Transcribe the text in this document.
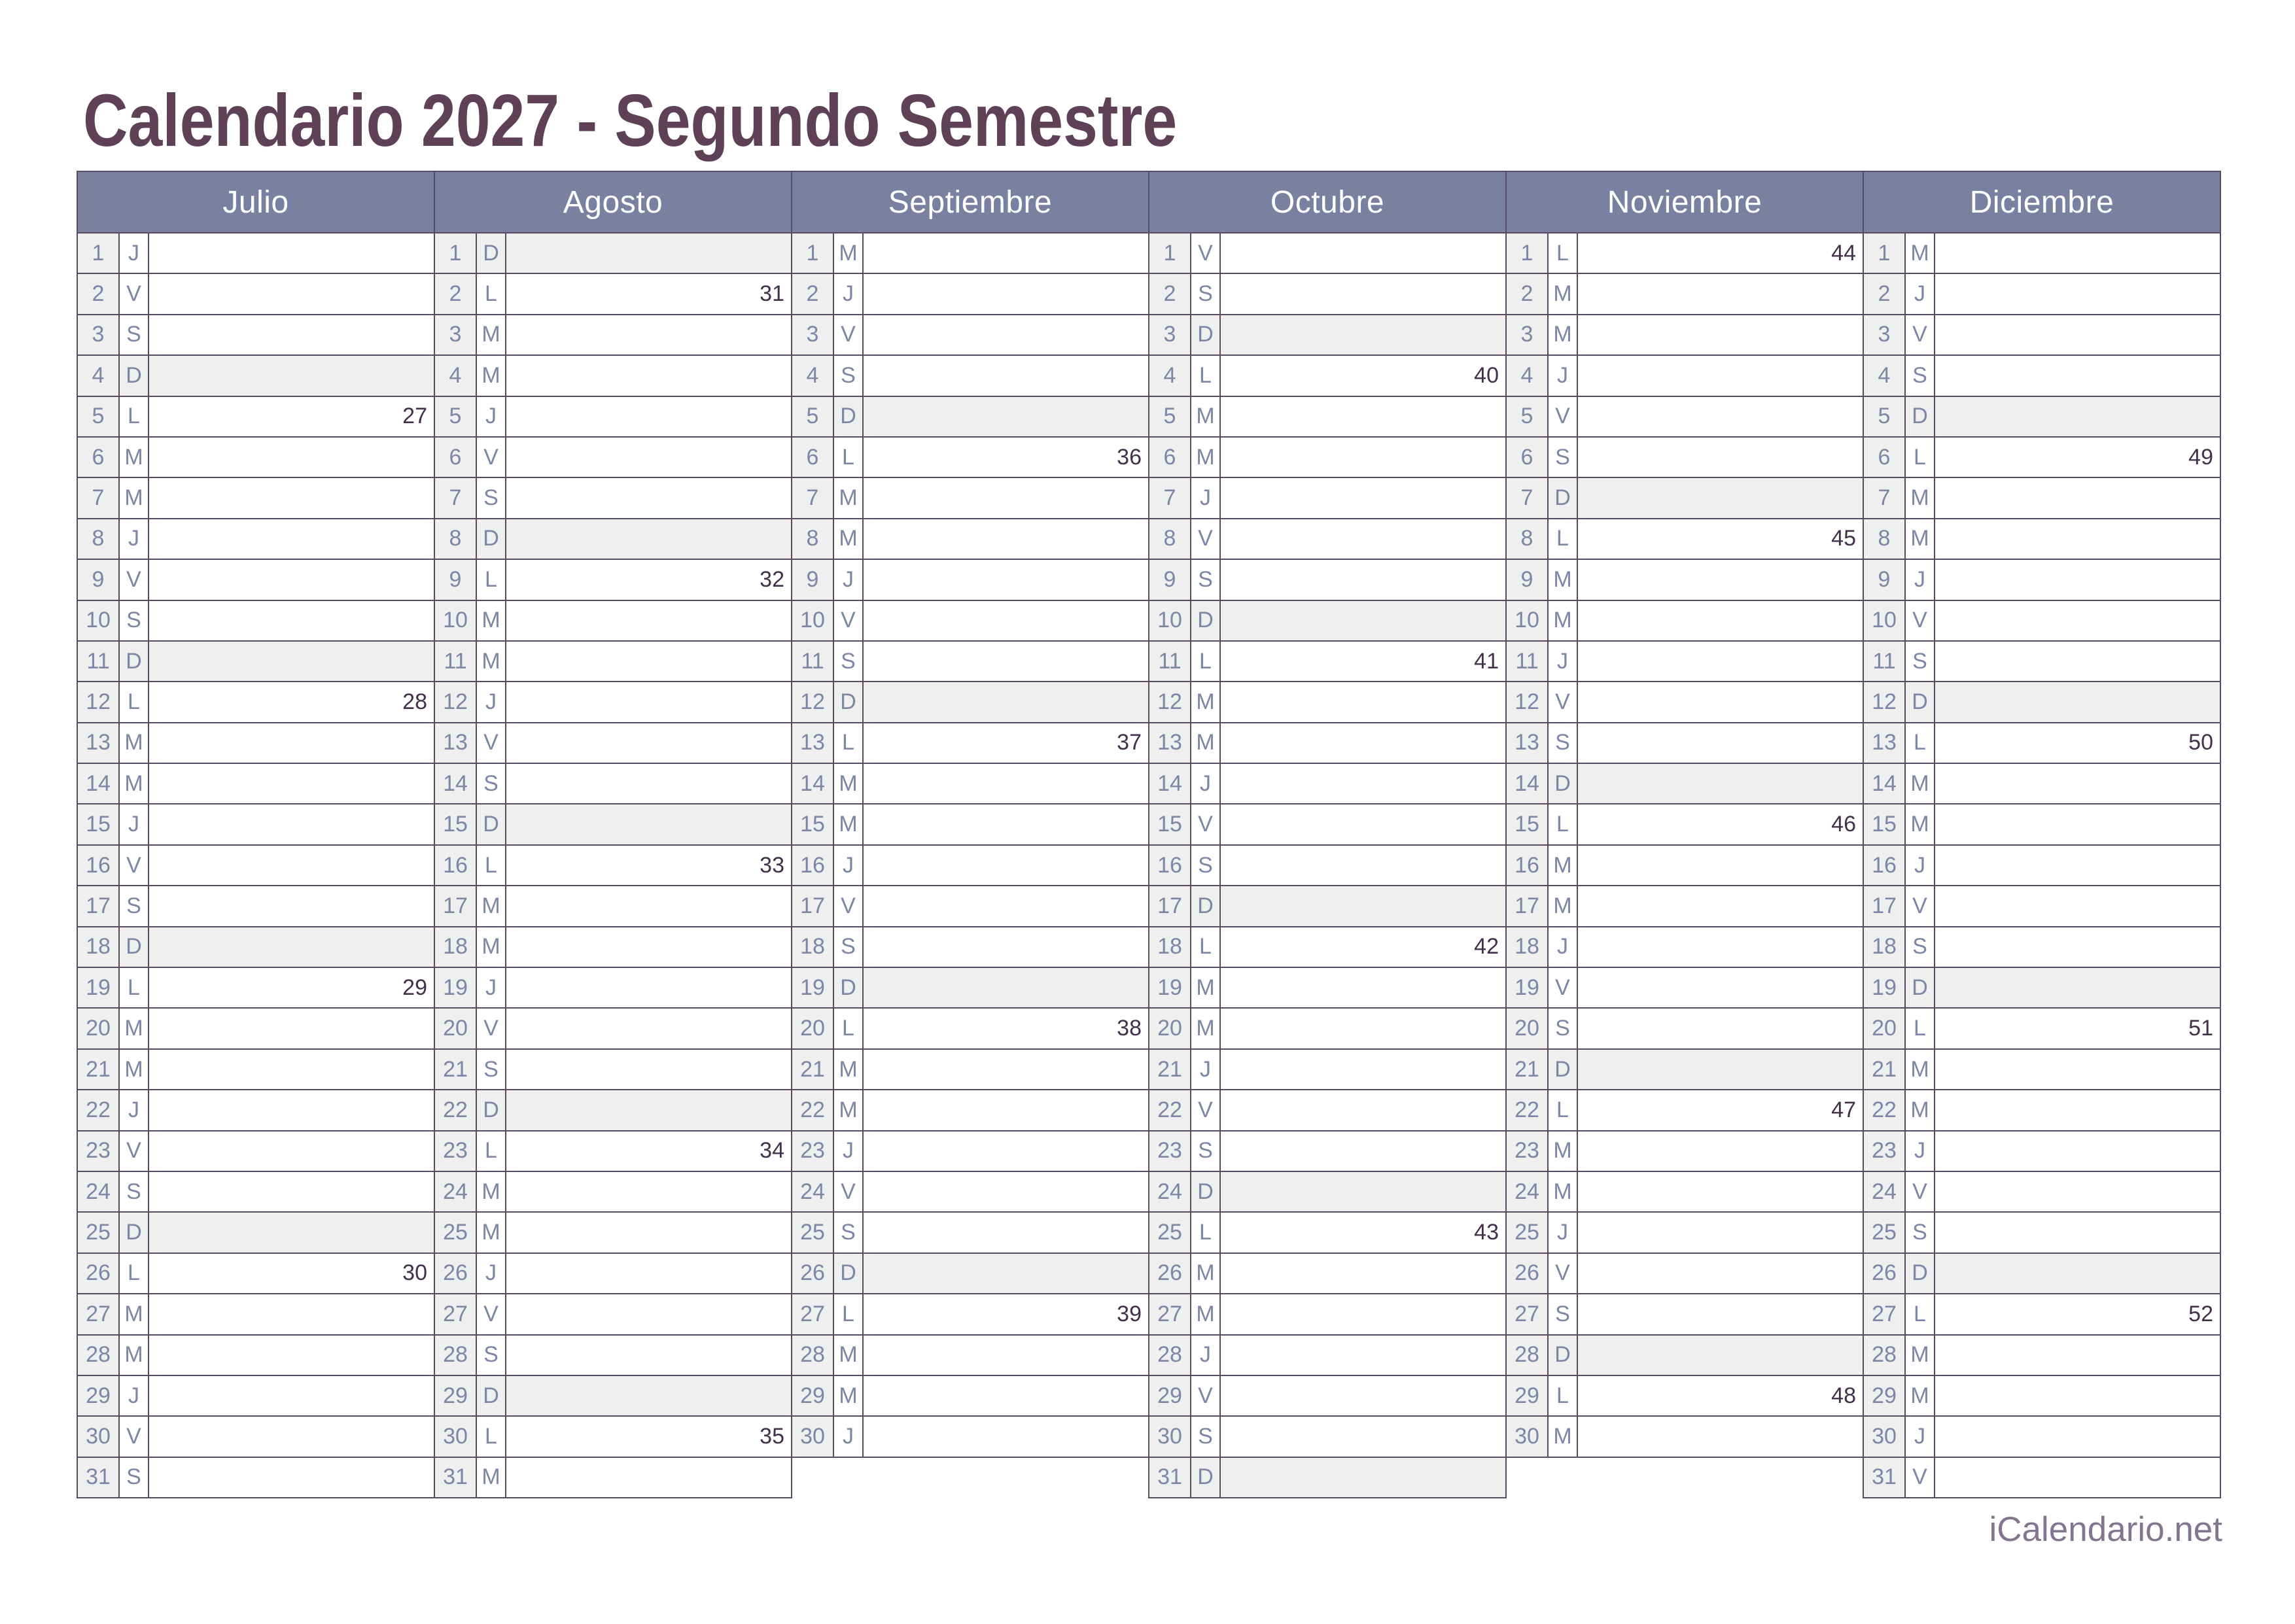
Calendario 2027 - Segundo Semestre
Julio
1	J
2 V
3 S
4 D
5	L	27
6 M
7 M
8	J
9 V
10 S
11 D
12 L	28
13 M
14 M
15 J
16 V
17 S
18 D
19 L	29
20 M
21 M
22 J
23 V
24 S
25 D
26 L	30
27 M
28 M
29 J
30 V
31 S
Agosto
1 D
2	L	31
3 M
4 M
5	J
6 V
7 S
8 D
9	L	32
10 M
11 M
12 J
13 V
14 S
15 D
16 L	33
17 M
18 M
19 J
20 V
21 S
22 D
23 L	34
24 M
25 M
26 J
27 V
28 S
29 D
30 L	35
31 M
Septiembre
1 M
2	J
3 V
4 S
5 D
6	L	36
7 M
8 M
9	J
10 V
11 S
12 D
13 L	37
14 M
15 M
16 J
17 V
18 S
19 D
20 L	38
21 M
22 M
23 J
24 V
25 S
26 D
27 L	39
28 M
29 M
30 J
Octubre
1 V
2 S
3 D
4	L	40
5 M
6 M
7	J
8 V
9 S
10 D
11 L	41
12 M
13 M
14 J
15 V
16 S
17 D
18 L	42
19 M
20 M
21 J
22 V
23 S
24 D
25 L	43
26 M
27 M
28 J
29 V
30 S
31 D
Noviembre
1	L	44
2 M
3 M
4	J
5 V
6 S
7 D
8	L	45
9 M
10 M
11 J
12 V
13 S
14 D
15 L	46
16 M
17 M
18 J
19 V
20 S
21 D
22 L	47
23 M
24 M
25 J
26 V
27 S
28 D
29 L	48
30 M
Diciembre
1 M
2	J
3 V
4 S
5 D
6	L	49
7 M
8 M
9	J
10 V
11 S
12 D
13 L	50
14 M
15 M
16 J
17 V
18 S
19 D
20 L	51
21 M
22 M
23 J
24 V
25 S
26 D
27 L	52
28 M
29 M
30 J
31 V
iCalendario.net
